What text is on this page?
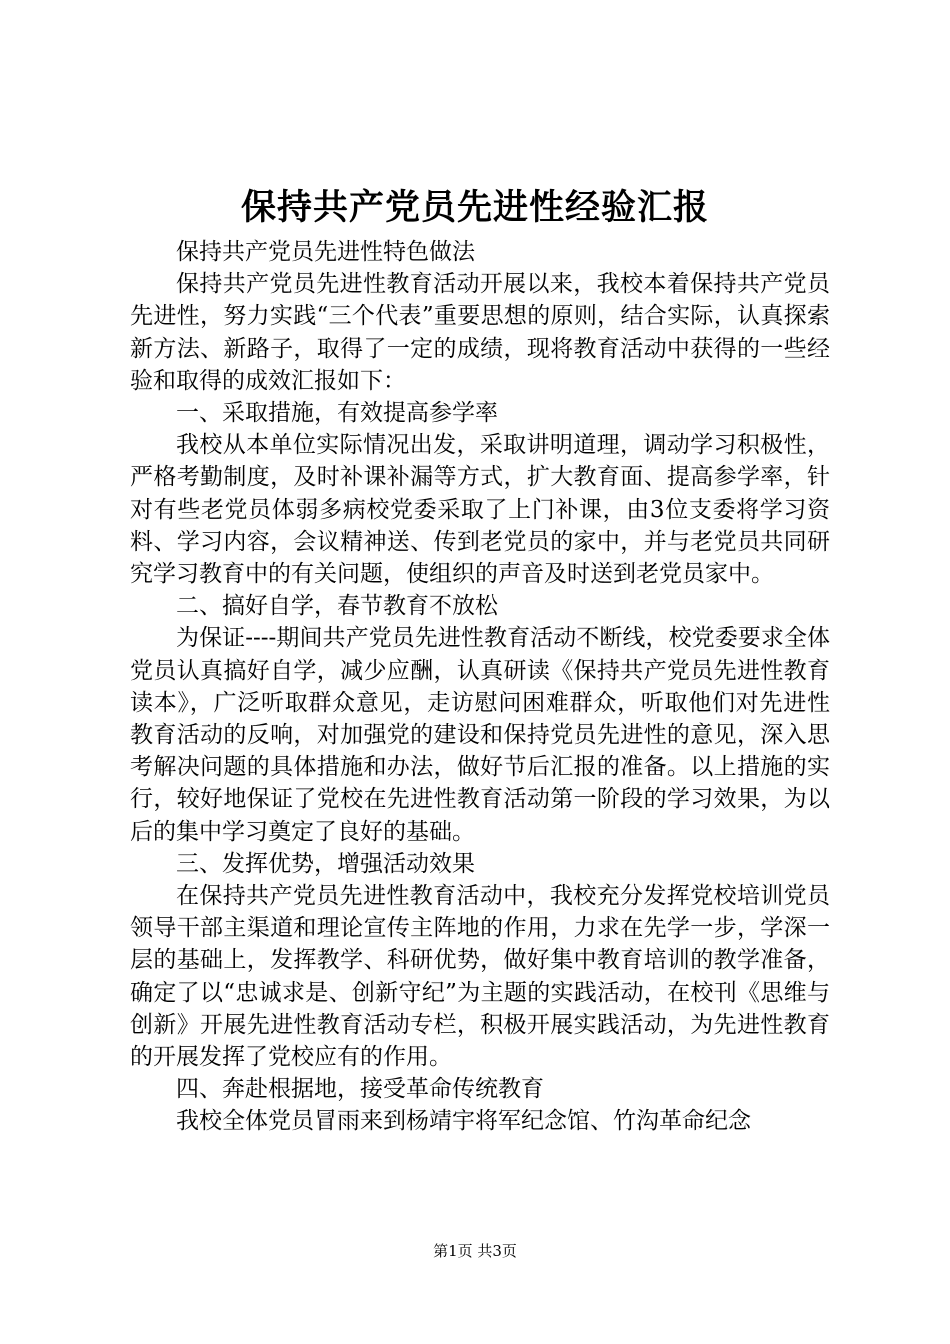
保持共产党员先进性经验汇报

保持共产党员先进性特色做法

保持共产党员先进性教育活动开展以来，我校本着保持共产党员先进性，努力实践“三个代表”重要思想的原则，结合实际，认真探索新方法、新路子，取得了一定的成绩，现将教育活动中获得的一些经验和取得的成效汇报如下：

一、采取措施，有效提高参学率

我校从本单位实际情况出发，采取讲明道理，调动学习积极性，严格考勤制度，及时补课补漏等方式，扩大教育面、提高参学率，针对有些老党员体弱多病校党委采取了上门补课，由3位支委将学习资料、学习内容，会议精神送、传到老党员的家中，并与老党员共同研究学习教育中的有关问题，使组织的声音及时送到老党员家中。

二、搞好自学，春节教育不放松

为保证----期间共产党员先进性教育活动不断线，校党委要求全体党员认真搞好自学，减少应酬，认真研读《保持共产党员先进性教育读本》，广泛听取群众意见，走访慰问困难群众，听取他们对先进性教育活动的反响，对加强党的建设和保持党员先进性的意见，深入思考解决问题的具体措施和办法，做好节后汇报的准备。以上措施的实行，较好地保证了党校在先进性教育活动第一阶段的学习效果，为以后的集中学习奠定了良好的基础。

三、发挥优势，增强活动效果

在保持共产党员先进性教育活动中，我校充分发挥党校培训党员领导干部主渠道和理论宣传主阵地的作用，力求在先学一步，学深一层的基础上，发挥教学、科研优势，做好集中教育培训的教学准备，确定了以“忠诚求是、创新守纪”为主题的实践活动，在校刊《思维与创新》开展先进性教育活动专栏，积极开展实践活动，为先进性教育的开展发挥了党校应有的作用。

四、奔赴根据地，接受革命传统教育

我校全体党员冒雨来到杨靖宇将军纪念馆、竹沟革命纪念

第1页 共3页
